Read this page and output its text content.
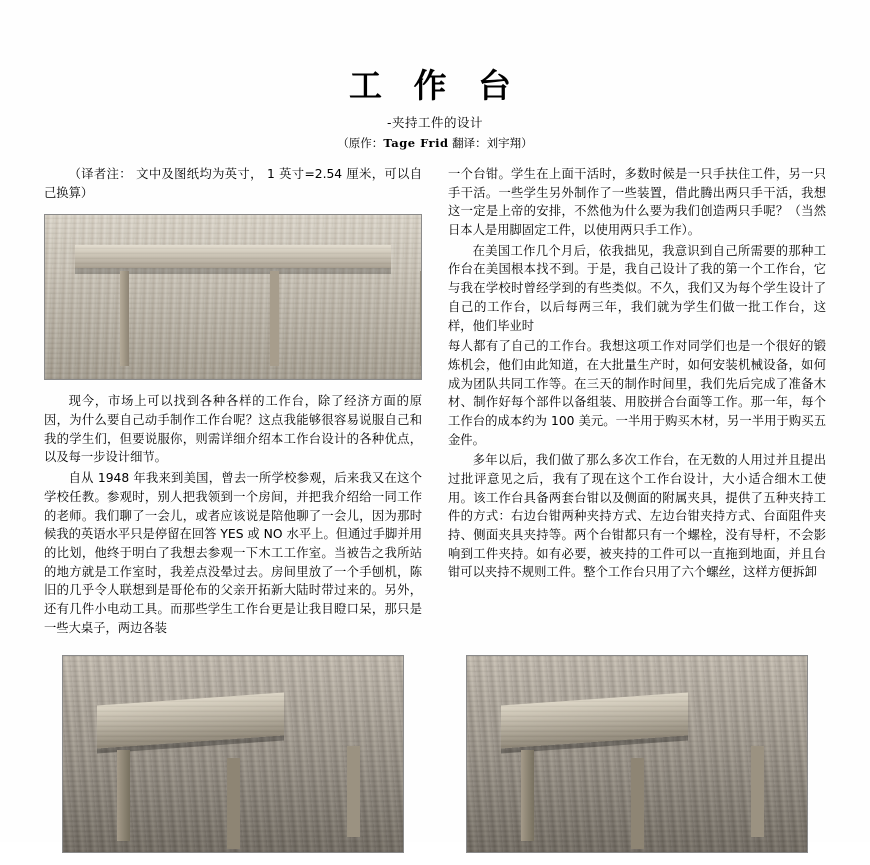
工 作 台
-夹持工件的设计
（原作：Tage Frid 翻译：刘宇翔）

（译者注： 文中及图纸均为英寸， 1 英寸=2.54 厘米，可以自己换算）

现今，市场上可以找到各种各样的工作台，除了经济方面的原因，为什么要自己动手制作工作台呢？这点我能够很容易说服自己和我的学生们，但要说服你，则需详细介绍本工作台设计的各种优点，以及每一步设计细节。

自从 1948 年我来到美国，曾去一所学校参观，后来我又在这个学校任教。参观时，别人把我领到一个房间，并把我介绍给一同工作的老师。我们聊了一会儿，或者应该说是陪他聊了一会儿，因为那时候我的英语水平只是停留在回答 YES 或 NO 水平上。但通过手脚并用的比划，他终于明白了我想去参观一下木工工作室。当被告之我所站的地方就是工作室时，我差点没晕过去。房间里放了一个手刨机，陈旧的几乎令人联想到是哥伦布的父亲开拓新大陆时带过来的。另外，还有几件小电动工具。而那些学生工作台更是让我目瞪口呆，那只是一些大桌子，两边各装

一个台钳。学生在上面干活时，多数时候是一只手扶住工件，另一只手干活。一些学生另外制作了一些装置，借此腾出两只手干活，我想这一定是上帝的安排，不然他为什么要为我们创造两只手呢？（当然日本人是用脚固定工件，以使用两只手工作）。

在美国工作几个月后，依我拙见，我意识到自己所需要的那种工作台在美国根本找不到。于是，我自己设计了我的第一个工作台，它与我在学校时曾经学到的有些类似。不久，我们又为每个学生设计了自己的工作台，以后每两三年，我们就为学生们做一批工作台，这样，他们毕业时

每人都有了自己的工作台。我想这项工作对同学们也是一个很好的锻炼机会，他们由此知道，在大批量生产时，如何安装机械设备，如何成为团队共同工作等。在三天的制作时间里，我们先后完成了准备木材、制作好每个部件以备组装、用胶拼合台面等工作。那一年，每个工作台的成本约为 100 美元。一半用于购买木材，另一半用于购买五金件。

多年以后，我们做了那么多次工作台，在无数的人用过并且提出过批评意见之后，我有了现在这个工作台设计，大小适合细木工使用。该工作台具备两套台钳以及侧面的附属夹具，提供了五种夹持工件的方式：右边台钳两种夹持方式、左边台钳夹持方式、台面阻件夹持、侧面夹具夹持等。两个台钳都只有一个螺栓，没有导杆，不会影响到工件夹持。如有必要，被夹持的工件可以一直拖到地面，并且台钳可以夹持不规则工件。整个工作台只用了六个螺丝，这样方便拆卸
